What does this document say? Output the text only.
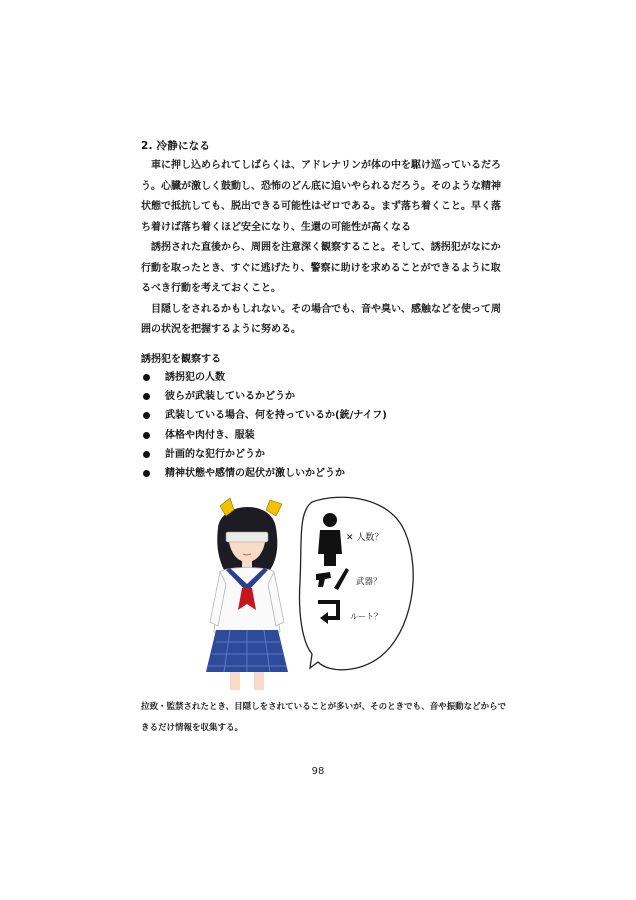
2. 冷静になる

車に押し込められてしばらくは、アドレナリンが体の中を駆け巡っているだろう。心臓が激しく鼓動し、恐怖のどん底に追いやられるだろう。そのような精神状態で抵抗しても、脱出できる可能性はゼロである。まず落ち着くこと。早く落ち着けば落ち着くほど安全になり、生還の可能性が高くなる

誘拐された直後から、周囲を注意深く観察すること。そして、誘拐犯がなにか行動を取ったとき、すぐに逃げたり、警察に助けを求めることができるように取るべき行動を考えておくこと。

目隠しをされるかもしれない。その場合でも、音や臭い、感触などを使って周囲の状況を把握するように努める。

誘拐犯を観察する
誘拐犯の人数
彼らが武装しているかどうか
武装している場合、何を持っているか(銃/ナイフ)
体格や肉付き、服装
計画的な犯行かどうか
精神状態や感情の起伏が激しいかどうか
✕ 人数？
武器？
ルート？
拉致・監禁されたとき、目隠しをされていることが多いが、そのときでも、音や振動などからできるだけ情報を収集する。
98
